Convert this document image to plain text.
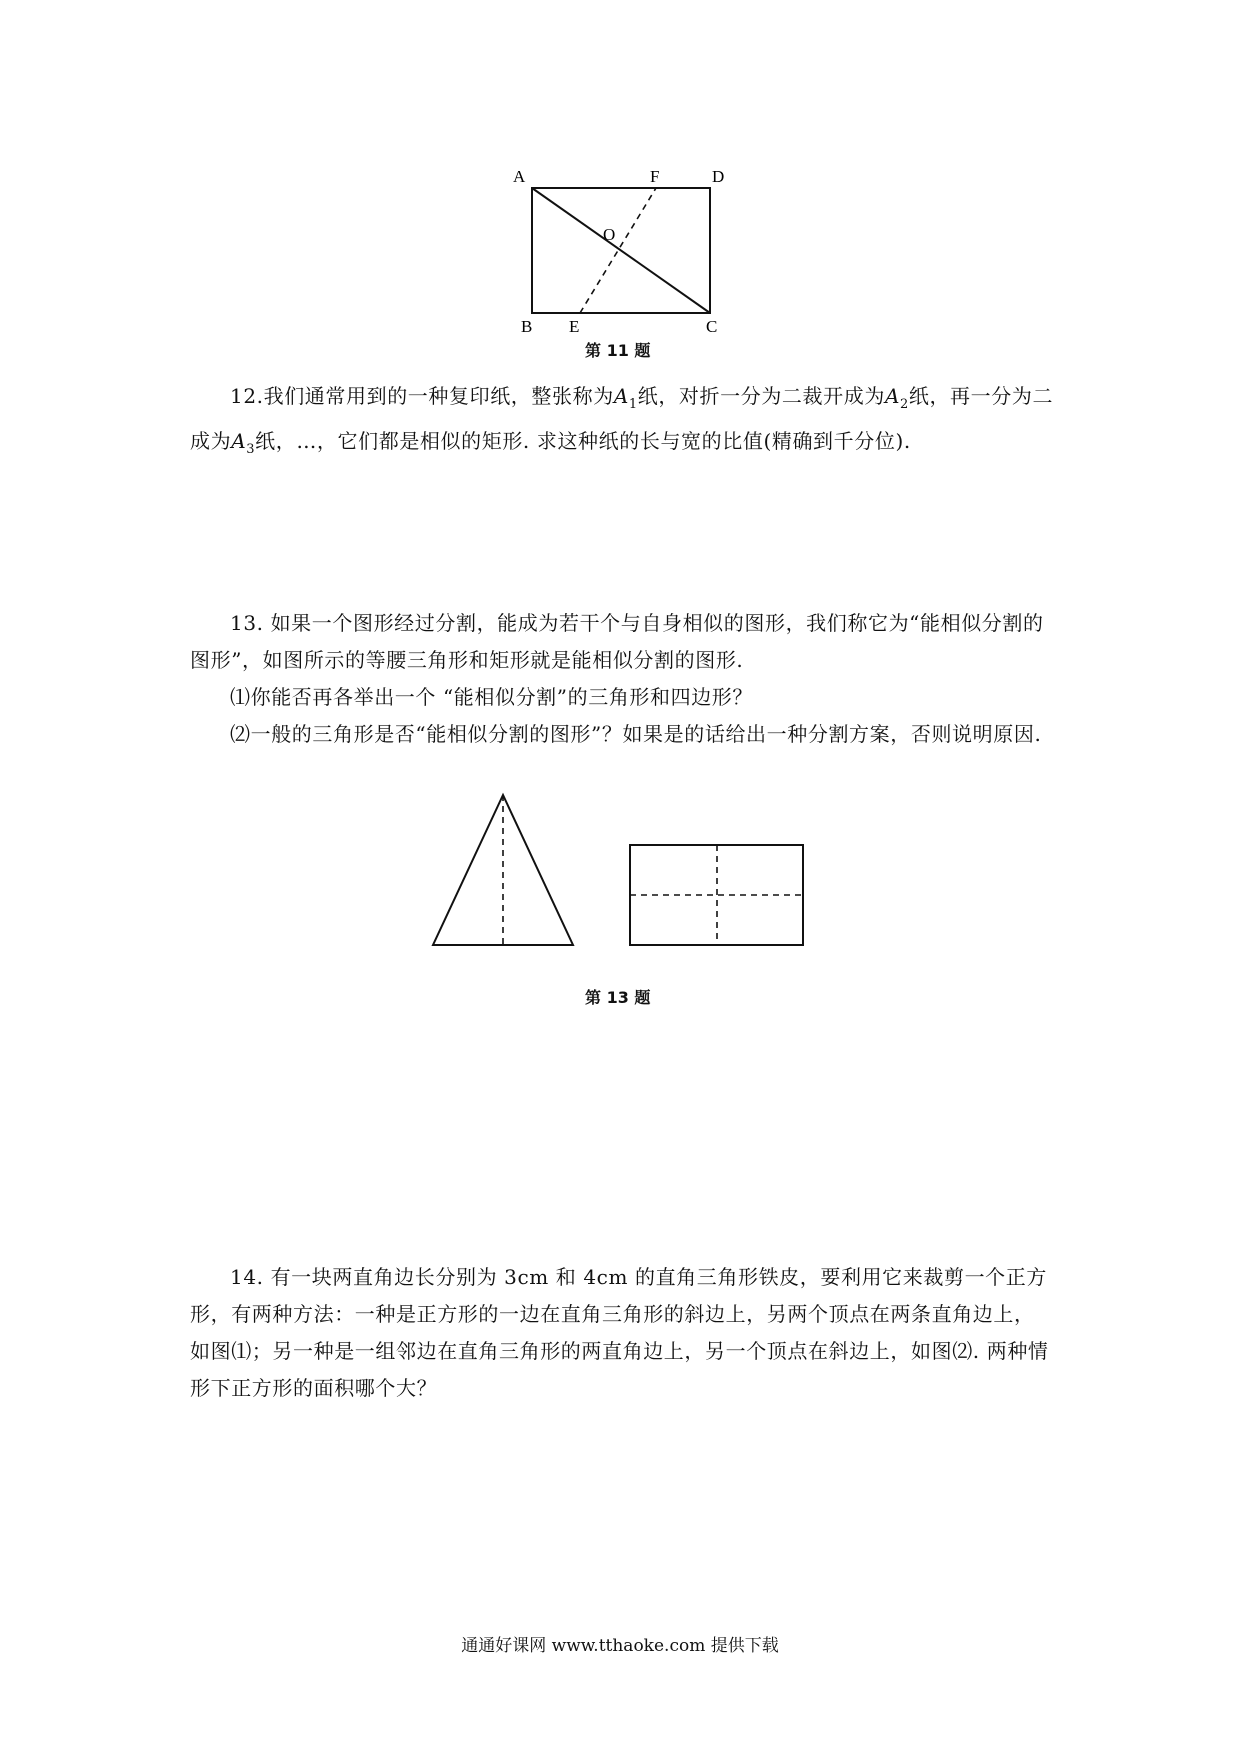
A	F	D
O
B E	C
第 11 题

12.我们通常用到的一种复印纸，整张称为$A_1$纸，对折一分为二裁开成为$A_2$纸，再一分为二成为$A_3$纸，…，它们都是相似的矩形. 求这种纸的长与宽的比值(精确到千分位).

13. 如果一个图形经过分割，能成为若干个与自身相似的图形，我们称它为“能相似分割的图形”，如图所示的等腰三角形和矩形就是能相似分割的图形.

⑴你能否再各举出一个 “能相似分割”的三角形和四边形？

⑵一般的三角形是否“能相似分割的图形”？如果是的话给出一种分割方案，否则说明原因.

第 13 题

14. 有一块两直角边长分别为 3cm 和 4cm 的直角三角形铁皮，要利用它来裁剪一个正方形，有两种方法：一种是正方形的一边在直角三角形的斜边上，另两个顶点在两条直角边上，如图⑴；另一种是一组邻边在直角三角形的两直角边上，另一个顶点在斜边上，如图⑵. 两种情形下正方形的面积哪个大？

通通好课网 www.tthaoke.com 提供下载
